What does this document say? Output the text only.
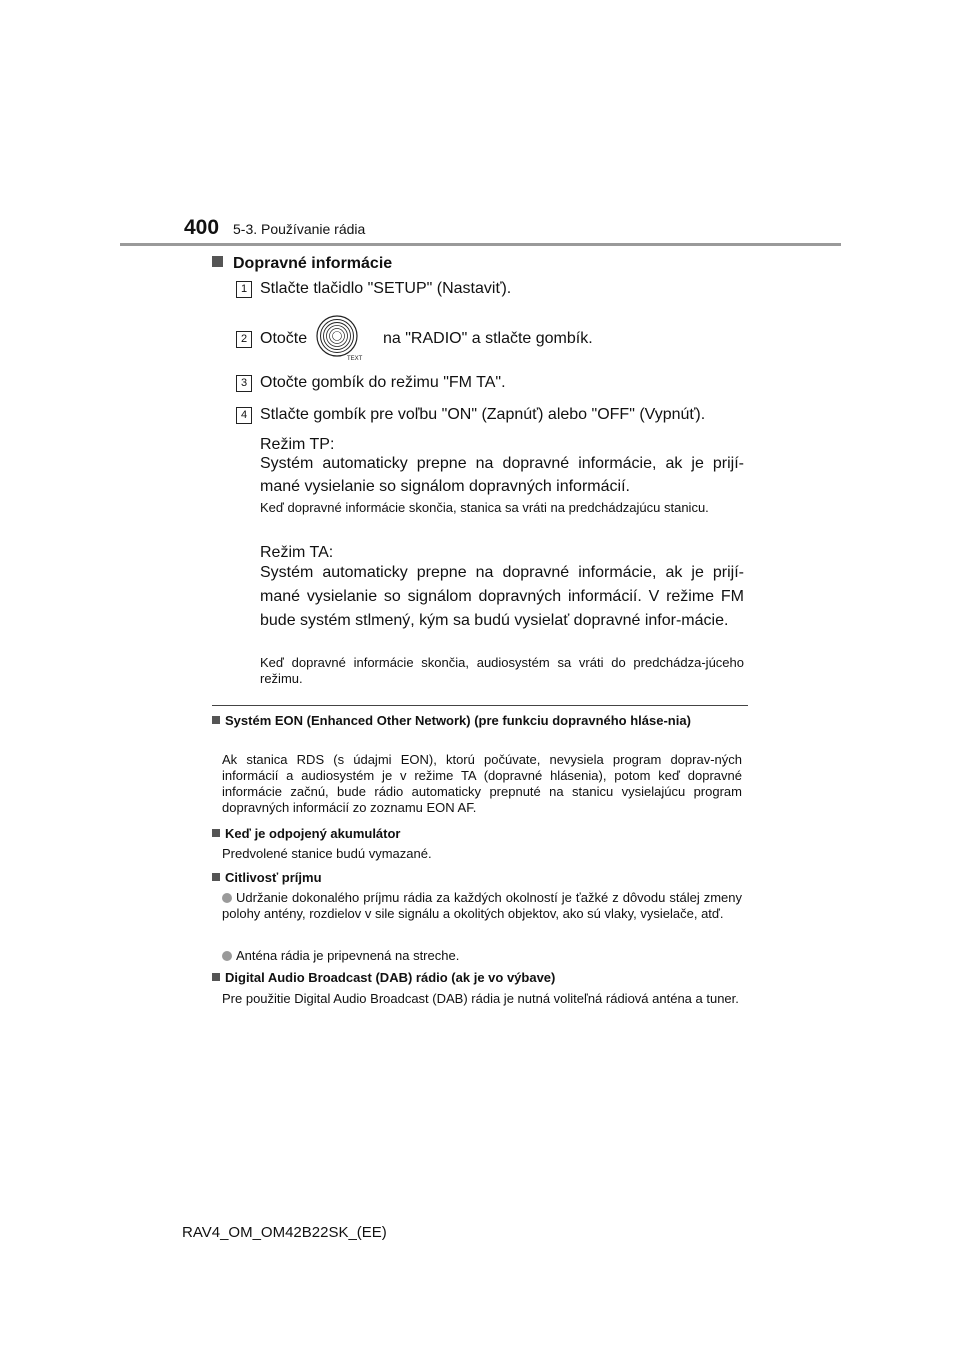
400 5-3. Používanie rádia
Dopravné informácie
1 Stlačte tlačidlo "SETUP" (Nastaviť).
2 Otočte
TEXT
na "RADIO" a stlačte gombík.
3 Otočte gombík do režimu "FM TA".
4 Stlačte gombík pre voľbu "ON" (Zapnúť) alebo "OFF" (Vypnúť).
Režim TP:
Systém automaticky prepne na dopravné informácie, ak je prijí-mané vysielanie so signálom dopravných informácií.
Keď dopravné informácie skončia, stanica sa vráti na predchádzajúcu stanicu.
Režim TA:
Systém automaticky prepne na dopravné informácie, ak je prijí-mané vysielanie so signálom dopravných informácií. V režime FM bude systém stlmený, kým sa budú vysielať dopravné infor-mácie.
Keď dopravné informácie skončia, audiosystém sa vráti do predchádza-júceho režimu.
Systém EON (Enhanced Other Network) (pre funkciu dopravného hláse-nia)
Ak stanica RDS (s údajmi EON), ktorú počúvate, nevysiela program doprav-ných informácií a audiosystém je v režime TA (dopravné hlásenia), potom keď dopravné informácie začnú, bude rádio automaticky prepnuté na stanicu vysielajúcu program dopravných informácií zo zoznamu EON AF.
Keď je odpojený akumulátor
Predvolené stanice budú vymazané.
Citlivosť príjmu
Udržanie dokonalého príjmu rádia za každých okolností je ťažké z dôvodu stálej zmeny polohy antény, rozdielov v sile signálu a okolitých objektov, ako sú vlaky, vysielače, atď.
Anténa rádia je pripevnená na streche.
Digital Audio Broadcast (DAB) rádio (ak je vo výbave)
Pre použitie Digital Audio Broadcast (DAB) rádia je nutná voliteľná rádiová anténa a tuner.
RAV4_OM_OM42B22SK_(EE)
